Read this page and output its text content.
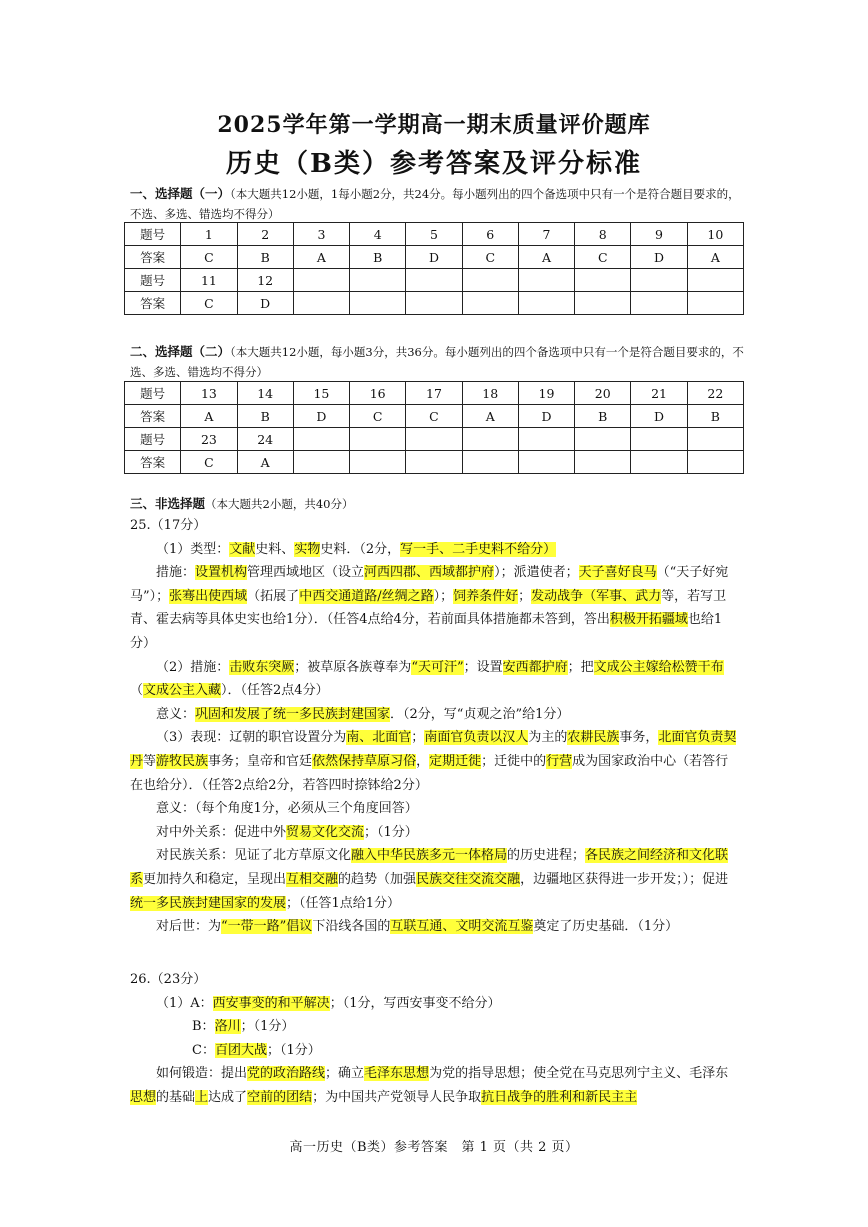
2025学年第一学期高一期末质量评价题库
历史（B类）参考答案及评分标准
一、选择题（一）（本大题共12小题，1每小题2分，共24分。每小题列出的四个备选项中只有一个是符合题目要求的，不选、多选、错选均不得分）
题号	1	2	3	4	5	6	7	8	9	10
答案	C	B	A	B	D	C	A	C	D	A
题号	11	12								
答案	C	D								
二、选择题（二）（本大题共12小题，每小题3分，共36分。每小题列出的四个备选项中只有一个是符合题目要求的，不选、多选、错选均不得分）
题号	13	14	15	16	17	18	19	20	21	22
答案	A	B	D	C	C	A	D	B	D	B
题号	23	24								
答案	C	A								
三、非选择题（本大题共2小题，共40分）

25.（17分）

（1）类型：文献史料、实物史料．（2分，写一手、二手史料不给分）

措施：设置机构管理西域地区（设立河西四郡、西域都护府）；派遣使者；天子喜好良马（“天子好宛马”）；张骞出使西域（拓展了中西交通道路/丝绸之路）；饲养条件好；发动战争（军事、武力等，若写卫青、霍去病等具体史实也给1分）．（任答4点给4分，若前面具体措施都未答到，答出积极开拓疆域也给1分）

（2）措施：击败东突厥；被草原各族尊奉为“天可汗”；设置安西都护府；把文成公主嫁给松赞干布（文成公主入藏）．（任答2点4分）

意义：巩固和发展了统一多民族封建国家．（2分，写“贞观之治”给1分）

（3）表现：辽朝的职官设置分为南、北面官；南面官负责以汉人为主的农耕民族事务，北面官负责契丹等游牧民族事务；皇帝和官廷依然保持草原习俗，定期迁徙；迁徙中的行营成为国家政治中心（若答行在也给分）．（任答2点给2分，若答四时捺钵给2分）

意义：（每个角度1分，必须从三个角度回答）

对中外关系：促进中外贸易文化交流；（1分）

对民族关系：见证了北方草原文化融入中华民族多元一体格局的历史进程；各民族之间经济和文化联系更加持久和稳定，呈现出互相交融的趋势（加强民族交往交流交融，边疆地区获得进一步开发；）；促进统一多民族封建国家的发展；（任答1点给1分）

对后世：为“一带一路”倡议下沿线各国的互联互通、文明交流互鉴奠定了历史基础．（1分）

26.（23分）

（1）A：西安事变的和平解决；（1分，写西安事变不给分）

B：洛川；（1分）

C：百团大战；（1分）

如何锻造：提出党的政治路线；确立毛泽东思想为党的指导思想；使全党在马克思列宁主义、毛泽东思想的基础上达成了空前的团结；为中国共产党领导人民争取抗日战争的胜利和新民主主

高一历史（B类）参考答案　第 1 页（共 2 页）
